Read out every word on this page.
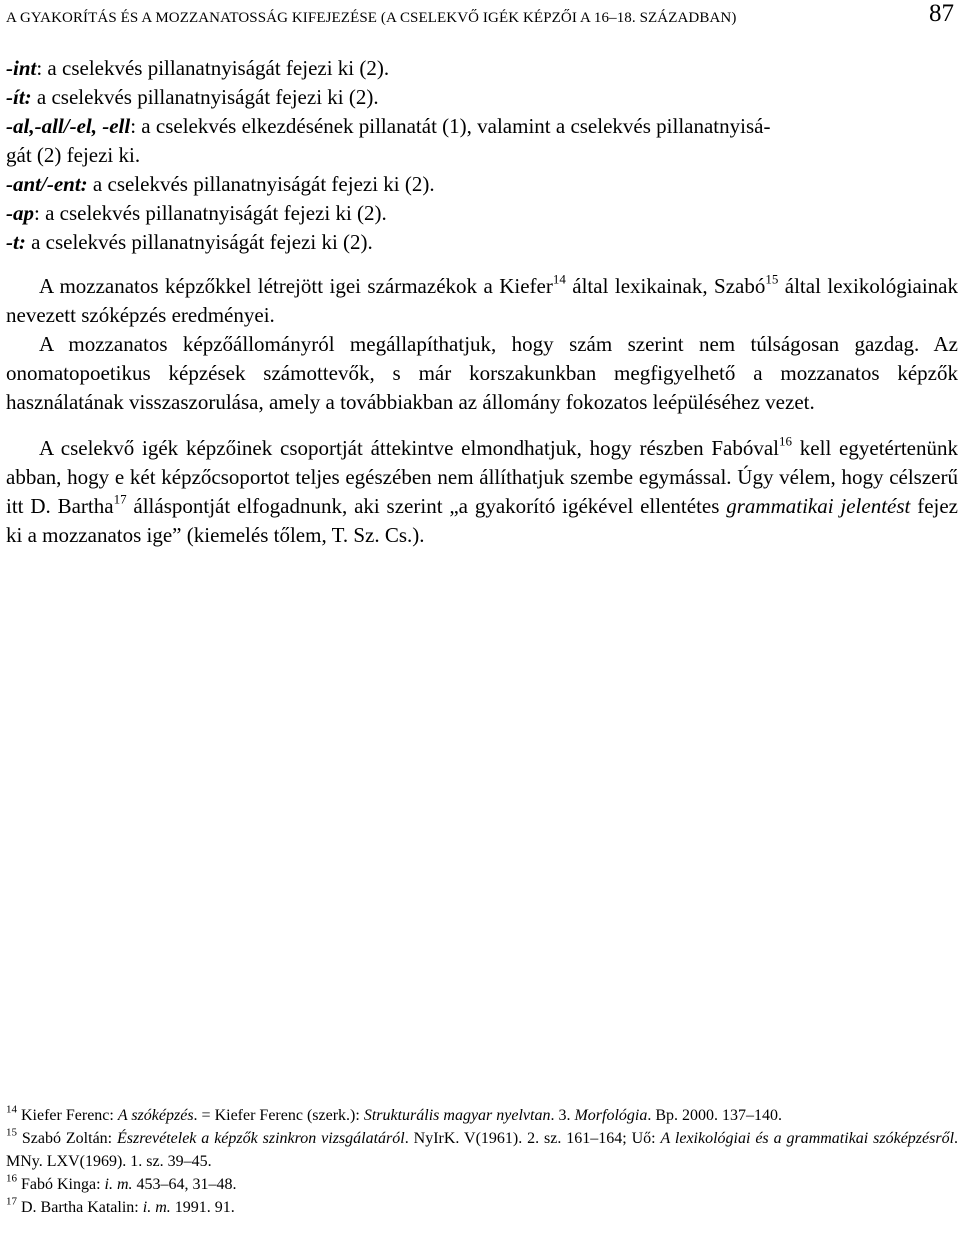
A GYAKORÍTÁS ÉS A MOZZANATOSSÁG KIFEJEZÉSE (A CSELEKVŐ IGÉK KÉPZŐI A 16–18. SZÁZADBAN)	87

-int: a cselekvés pillanatnyiságát fejezi ki (2).

-ít: a cselekvés pillanatnyiságát fejezi ki (2).

-al,-all/-el, -ell: a cselekvés elkezdésének pillanatát (1), valamint a cselekvés pillanatnyisá-
gát (2) fejezi ki.

-ant/-ent: a cselekvés pillanatnyiságát fejezi ki (2).

-ap: a cselekvés pillanatnyiságát fejezi ki (2).

-t: a cselekvés pillanatnyiságát fejezi ki (2).

A mozzanatos képzőkkel létrejött igei származékok a Kiefer$^{14}$ által lexikainak, Szabó$^{15}$ által lexikológiainak nevezett szóképzés eredményei.

A mozzanatos képzőállományról megállapíthatjuk, hogy szám szerint nem túlságosan gazdag. Az onomatopoetikus képzések számottevők, s már korszakunkban megfigyelhető a mozzanatos képzők használatának visszaszorulása, amely a továbbiakban az állomány fokozatos leépüléséhez vezet.

A cselekvő igék képzőinek csoportját áttekintve elmondhatjuk, hogy részben Fabóval$^{16}$ kell egyetértenünk abban, hogy e két képzőcsoportot teljes egészében nem állíthatjuk szembe egymással. Úgy vélem, hogy célszerű itt D. Bartha$^{17}$ álláspontját elfogadnunk, aki szerint „a gyakorító igékével ellentétes grammatikai jelentést fejez ki a mozzanatos ige” (kiemelés tőlem, T. Sz. Cs.).

$^{14}$ Kiefer Ferenc: A szóképzés. = Kiefer Ferenc (szerk.): Strukturális magyar nyelvtan. 3. Morfológia. Bp. 2000. 137–140.

$^{15}$ Szabó Zoltán: Észrevételek a képzők szinkron vizsgálatáról. NyIrK. V(1961). 2. sz. 161–164; Uő: A lexikológiai és a grammatikai szóképzésről. MNy. LXV(1969). 1. sz. 39–45.

$^{16}$ Fabó Kinga: i. m. 453–64, 31–48.

$^{17}$ D. Bartha Katalin: i. m. 1991. 91.
